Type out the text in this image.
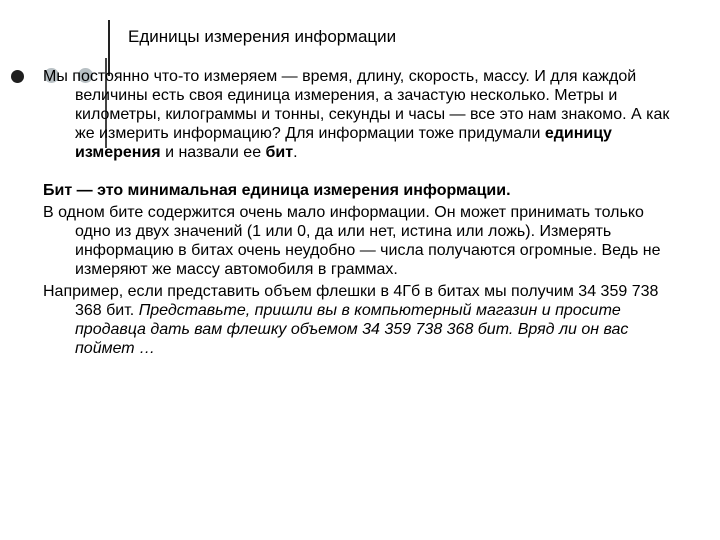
Единицы измерения информации

Мы постоянно что-то измеряем — время, длину, скорость, массу. И для каждой величины есть своя единица измерения, а зачастую несколько. Метры и километры, килограммы и тонны, секунды и часы — все это нам знакомо. А как же измерить информацию? Для информации тоже придумали единицу измерения и назвали ее бит.

Бит — это минимальная единица измерения информации.

В одном бите содержится очень мало информации. Он может принимать только одно из двух значений (1 или 0, да или нет, истина или ложь). Измерять информацию в битах очень неудобно — числа получаются огромные. Ведь не измеряют же массу автомобиля в граммах.

Например, если представить объем флешки в 4Гб в битах мы получим 34 359 738 368 бит. Представьте, пришли вы в компьютерный магазин и просите продавца дать вам флешку объемом 34 359 738 368 бит. Вряд ли он вас поймет …
